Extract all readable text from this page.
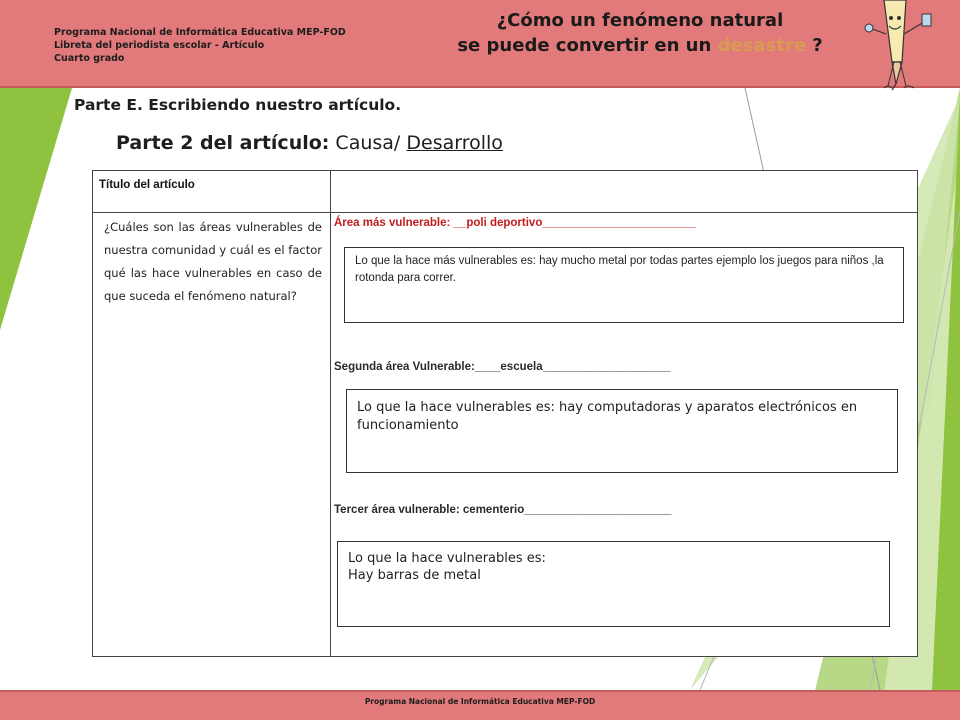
Programa Nacional de Informática Educativa MEP-FOD
Libreta del periodista escolar - Artículo
Cuarto grado
¿Cómo un fenómeno natural
se puede convertir en un desastre ?
Parte E. Escribiendo nuestro artículo.
Parte 2 del artículo: Causa/ Desarrollo
Título del artículo
¿Cuáles son las áreas vulnerables de nuestra comunidad y cuál es el factor qué las hace vulnerables en caso de que suceda el fenómeno natural?
Área más vulnerable: __poli deportivo________________________
Lo que la hace más vulnerables es: hay mucho metal por todas partes ejemplo los juegos para niños ,la rotonda para correr.
Segunda área Vulnerable:____escuela____________________
Lo que la hace vulnerables es: hay computadoras y aparatos electrónicos en funcionamiento
Tercer área vulnerable: cementerio_______________________
Lo que la hace vulnerables es:
Hay barras de metal
Programa Nacional de Informática Educativa MEP-FOD
